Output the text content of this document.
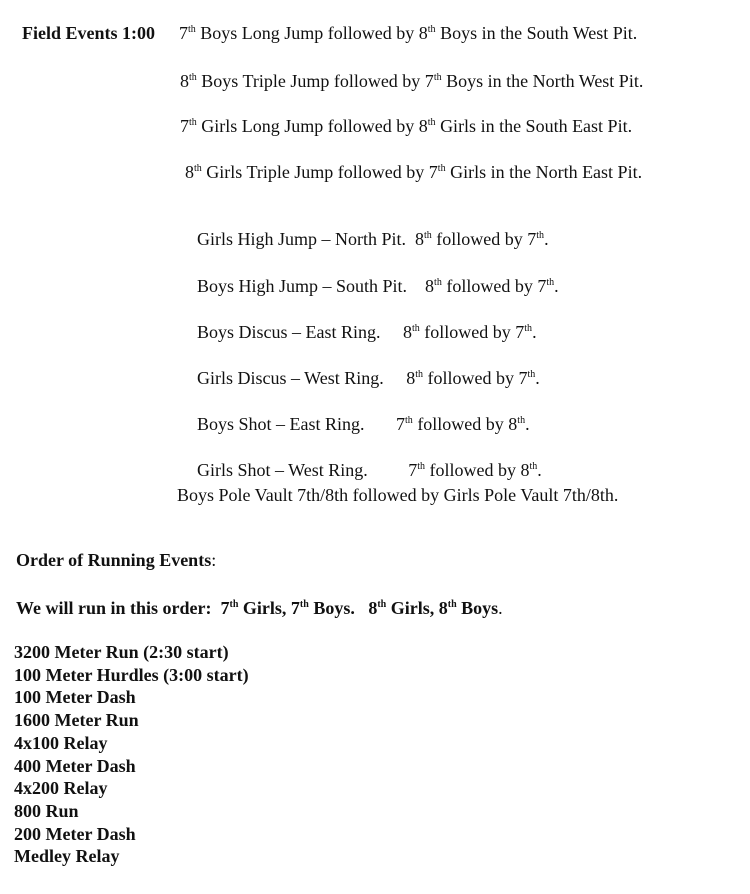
Field Events 1:00 7th Boys Long Jump followed by 8th Boys in the South West Pit.
8th Boys Triple Jump followed by 7th Boys in the North West Pit.
7th Girls Long Jump followed by 8th Girls in the South East Pit.
8th Girls Triple Jump followed by 7th Girls in the North East Pit.

Girls High Jump – North Pit.  8th followed by 7th.

Boys High Jump – South Pit.    8th followed by 7th.

Boys Discus – East Ring.     8th followed by 7th.

Girls Discus – West Ring.     8th followed by 7th.

Boys Shot – East Ring.       7th followed by 8th.

Girls Shot – West Ring.         7th followed by 8th.

Boys Pole Vault 7th/8th followed by Girls Pole Vault 7th/8th.
Order of Running Events:
We will run in this order:  7th Girls, 7th Boys.   8th Girls, 8th Boys.
3200 Meter Run (2:30 start)
100 Meter Hurdles (3:00 start)
100 Meter Dash
1600 Meter Run
4x100 Relay
400 Meter Dash
4x200 Relay
800 Run
200 Meter Dash
Medley Relay
